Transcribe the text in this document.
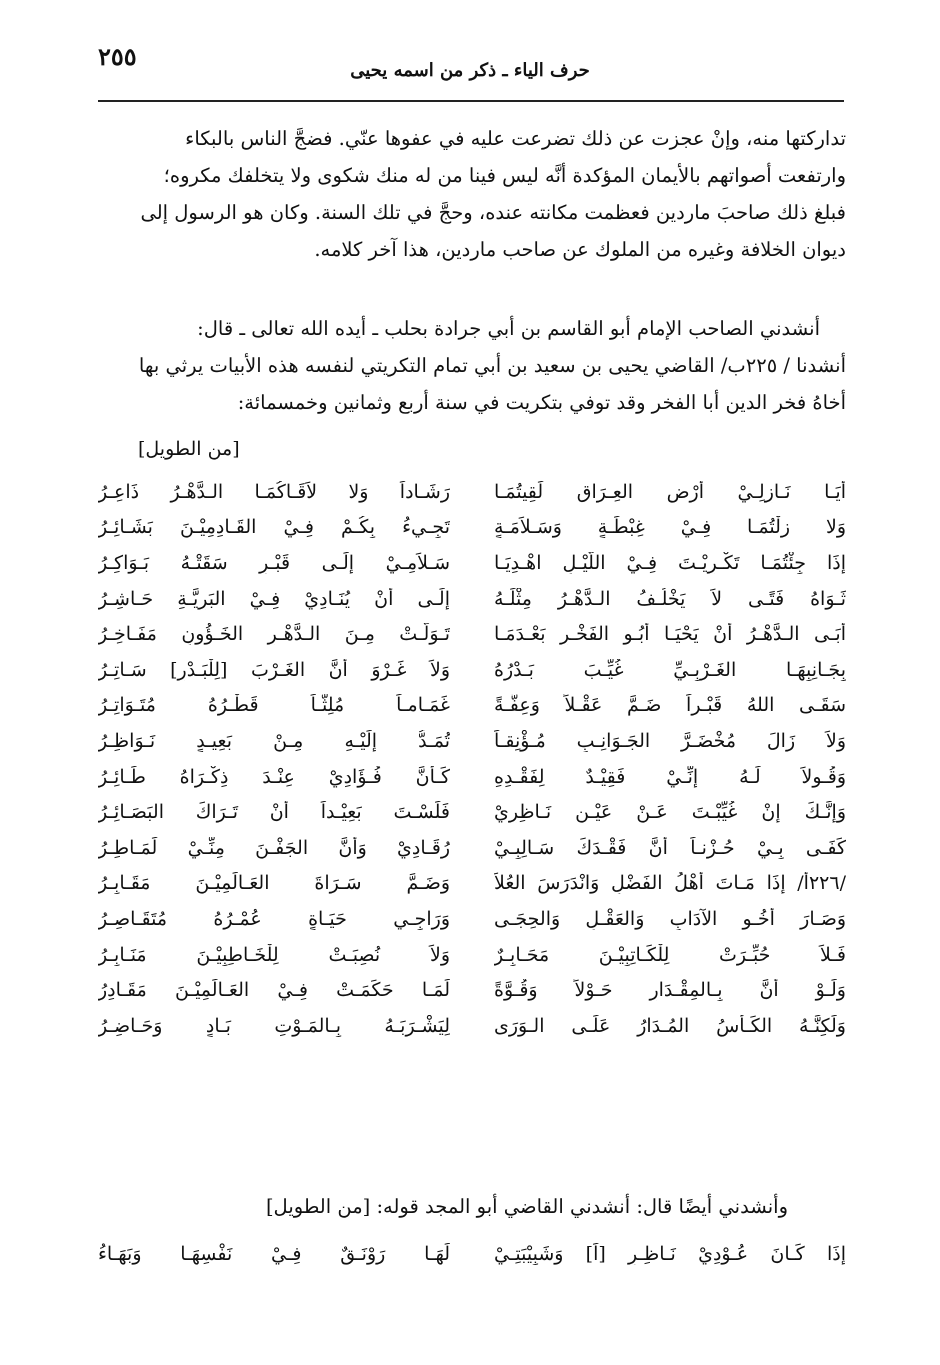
٢٥٥	حرف الياء ـ ذكر من اسمه يحيى

تداركتها منه، وإنْ عجزت عن ذلك تضرعت عليه في عفوها عنّي. فضجَّ الناس بالبكاء

وارتفعت أصواتهم بالأيمان المؤكدة أنَّه ليس فينا من له منك شكوى ولا يتخلفك مكروه؛

فبلغ ذلك صاحبَ ماردين فعظمت مكانته عنده، وحجَّ في تلك السنة. وكان هو الرسول إلى

ديوان الخلافة وغيره من الملوك عن صاحب ماردين، هذا آخر كلامه.

أنشدني الصاحب الإمام أبو القاسم بن أبي جرادة بحلب ـ أيده الله تعالى ـ قال:

أنشدنا / ٢٢٥ب/ القاضي يحيى بن سعيد بن أبي تمام التكريتي لنفسه هذه الأبيات يرثي بها

أخاهُ فخر الدين أبا الفخر وقد توفي بتكريت في سنة أربع وثمانين وخمسمائة:

[من الطويل]
أَيَـا نَـازِلِـيْ أَرْضِ العِـرَاقِ لَقِيتُمَـا
رَشَـاداً وَلا لاَقَـاكُمَـا الـدَّهْـرُ ذَاعِـرُ
وَلا زِلْتُمَـا فِـيْ غِبْطَـةٍ وَسَـلاَمَـةٍ
تَجِـيءُ بِكُـمْ فِـيْ القَـادِمِيْـنَ بَشَـائِـرُ
إِذَا جِئْتُمَـا تَكْـرِيْـتَ فِـيْ اللَّيْـلِ اهْـدِيَـا
سَـلاَمِـيْ إِلَـى قَبْـرٍ سَقَتْـهُ بَـوَاكِـرُ
ثَـوَاهُ فَتًـى لاَ يَخْلُـفُ الـدَّهْـرُ مِثْلَـهُ
إِلَـى أَنْ يُنَـادِيْ فِـيْ البَرِيَّـةِ حَـاشِـرُ
أَبَـى الـدَّهْـرُ أَنْ يَحْيَـا أَبُـو الفَخْـرِ بَعْـدَمَـا
تَـوَلَّـتْ مِـنَ الـدَّهْـرِ الخَـؤُونِ مَفَـاخِـرُ
بِجَـانِبِهَـا الغَـرْبِـيِّ غُيِّـبَ بَـدْرُهُ
وَلاَ غَـرْوَ أَنَّ الغَـرْبَ [لِلْبَـدْرِ] سَـاتِـرُ
سَقَـى اللهُ قَبْـراً ضَـمَّ عَقْـلاً وَعِفَّـةً
غَمَـامـاً مُلِثّـاً قَطْـرُهُ مُتَـوَاتِـرُ
وَلاَ زَالَ مُخْضَـرَّ الجَـوَانِـبِ مُـؤْنِقـاً
تُمَـدُّ إِلَيْـهِ مِـنْ بَعِيـدٍ نَـوَاظِـرُ
وَقُـولاَ لَـهُ إِنِّـيْ فَقِيْـدٌ لِفَقْـدِهِ
كَـأَنَّ فُـؤَادِيْ عِنْـدَ ذِكْـرَاهُ طَـائِـرُ
وَإِنَّـكَ إِنْ غُيِّبْـتَ عَـنْ عَيْـنِ نَـاظِرِيْ
فَلَسْـتَ بَعِيْـداً أَنْ تَـرَاكَ البَصَـائِـرُ
كَفَـى بِـيْ حُـزْنـاً أَنَّ فَقْـدَكَ سَـالِبِـيْ
رُقَـادِيْ وَأَنَّ الجَفْـنَ مِنِّـيْ لَمَـاطِـرُ
/٢٢٦أ/ إِذَا مَـاتَ أَهْلُ الفَضْلِ وَانْدَرَسَ العُلاَ
وَضَـمَّ سَـرَاةَ العَـالَمِيْـنَ مَقَـابِـرُ
وَصَـارَ أَخُـو الآدَابِ وَالعَقْـلِ وَالحِجَـى
وَرَاجِـي حَيَـاةٍ عُمْـرُهُ مُتَقَـاصِـرُ
فَـلاَ حُبِّـرَتْ لِلْكَـاتِبِيْـنَ مَحَـابِـرٌ
وَلاَ نُصِبَـتْ لِلْخَـاطِبِيْـنَ مَنَـابِـرُ
وَلَـوْ أَنَّ بِـالمِقْـدَارِ حَـوْلاً وَقُـوَّةً
لَمَـا حَكَمَـتْ فِـيْ العَـالَمِيْـنَ مَقَـادِرُ
وَلَكِنَّـهُ الكَـأْسُ المُـدَارُ عَلَـى الـوَرَى
لِيَشْـرَبَـهُ بِـالمَـوْتِ بَـادٍ وَحَـاضِـرُ
وأنشدني أيضًا قال: أنشدني القاضي أبو المجد قوله: [من الطويل]
إِذَا كَـانَ عُـوْدِيْ نَـاظِـرٍ [اً] وَشَبِيْبَتِـيْ
لَهَـا رَوْنَـقٌ فِـيْ نَفْسِهَـا وَبَهَـاءُ
